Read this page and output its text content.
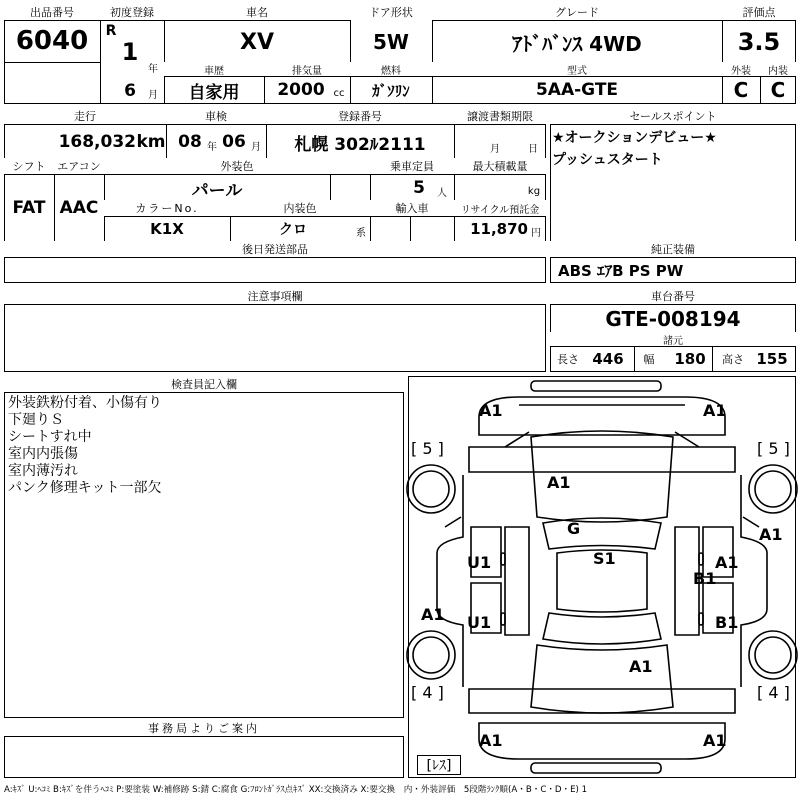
出品番号
6040
初度登録
R
1
年
6	月
車名
XV
ドア形状
5W
グレード
ｱﾄﾞﾊﾞﾝｽ 4WD
評価点
3.5
外装	内装
C	C
車歴
自家用
排気量
2000 cc
燃料
ｶﾞｿﾘﾝ
型式
5AA-GTE
走行
168,032 km
車検
08 年 06 月
登録番号
札幌 302ﾙ2111
譲渡書類期限
月	日
シフト
FAT
エアコン
AAC
外装色
パール
乗車定員
5	人
最大積載量
kg
カラーNo.
K1X
内装色
クロ	系
輸入車	リサイクル預託金
11,870 円
セールスポイント
★オークションデビュー★
プッシュスタート
後日発送部品	純正装備
ABS ｴｱB PS PW
注意事項欄	車台番号
GTE-008194
諸元
長さ 446	幅 180	高さ 155
検査員記入欄
外装鉄粉付着、小傷有り
下廻りＳ
シートすれ中
室内内張傷
室内薄汚れ
パンク修理キット一部欠
事務局よりご案内
A1	A1
A1
G
S1
U1
U1
A1
B1
A1
B1
A1
A1
A1	A1
[ 5 ]	[ 5 ]
[ 4 ]	[ 4 ]
[ﾚｽ]
A:ｷｽﾞ U:ﾍｺﾐ B:ｷｽﾞを伴うﾍｺﾐ P:要塗装 W:補修跡 S:錆 C:腐食 G:ﾌﾛﾝﾄｶﾞﾗｽ点ｷｽﾞ XX:交換済み X:要交換　内・外装評価　5段階ﾗﾝｸ順(A・B・C・D・E) 1
